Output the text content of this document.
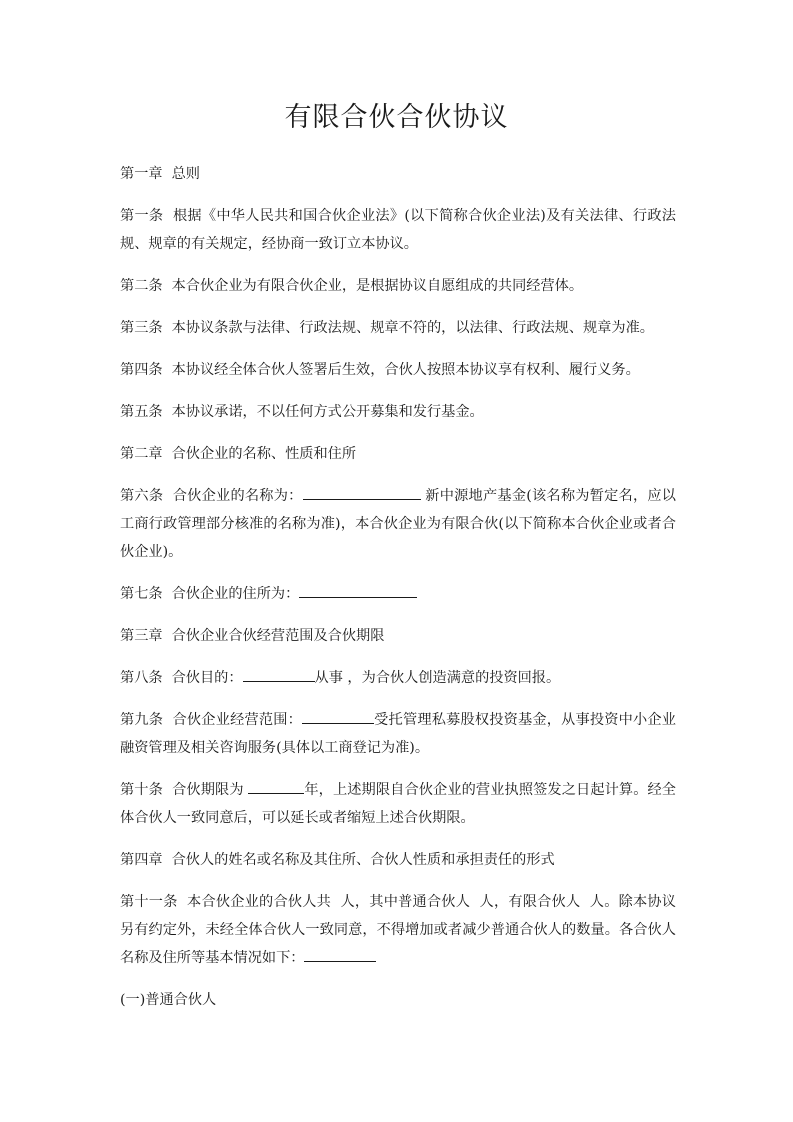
有限合伙合伙协议

第一章  总则

第一条  根据《中华人民共和国合伙企业法》(以下简称合伙企业法)及有关法律、行政法规、规章的有关规定，经协商一致订立本协议。

第二条  本合伙企业为有限合伙企业，是根据协议自愿组成的共同经营体。

第三条  本协议条款与法律、行政法规、规章不符的，以法律、行政法规、规章为准。

第四条  本协议经全体合伙人签署后生效，合伙人按照本协议享有权利、履行义务。

第五条  本协议承诺，不以任何方式公开募集和发行基金。

第二章  合伙企业的名称、性质和住所

第六条  合伙企业的名称为：	新中源地产基金(该名称为暂定名，应以工商行政管理部分核准的名称为准)，本合伙企业为有限合伙(以下简称本合伙企业或者合伙企业)。

第七条  合伙企业的住所为：

第三章  合伙企业合伙经营范围及合伙期限

第八条  合伙目的：	从事 ，为合伙人创造满意的投资回报。

第九条  合伙企业经营范围：	受托管理私募股权投资基金，从事投资中小企业融资管理及相关咨询服务(具体以工商登记为准)。

第十条  合伙期限为	年，上述期限自合伙企业的营业执照签发之日起计算。经全体合伙人一致同意后，可以延长或者缩短上述合伙期限。

第四章  合伙人的姓名或名称及其住所、合伙人性质和承担责任的形式

第十一条  本合伙企业的合伙人共  人，其中普通合伙人  人，有限合伙人  人。除本协议另有约定外，未经全体合伙人一致同意，不得增加或者减少普通合伙人的数量。各合伙人名称及住所等基本情况如下：

(一)普通合伙人
